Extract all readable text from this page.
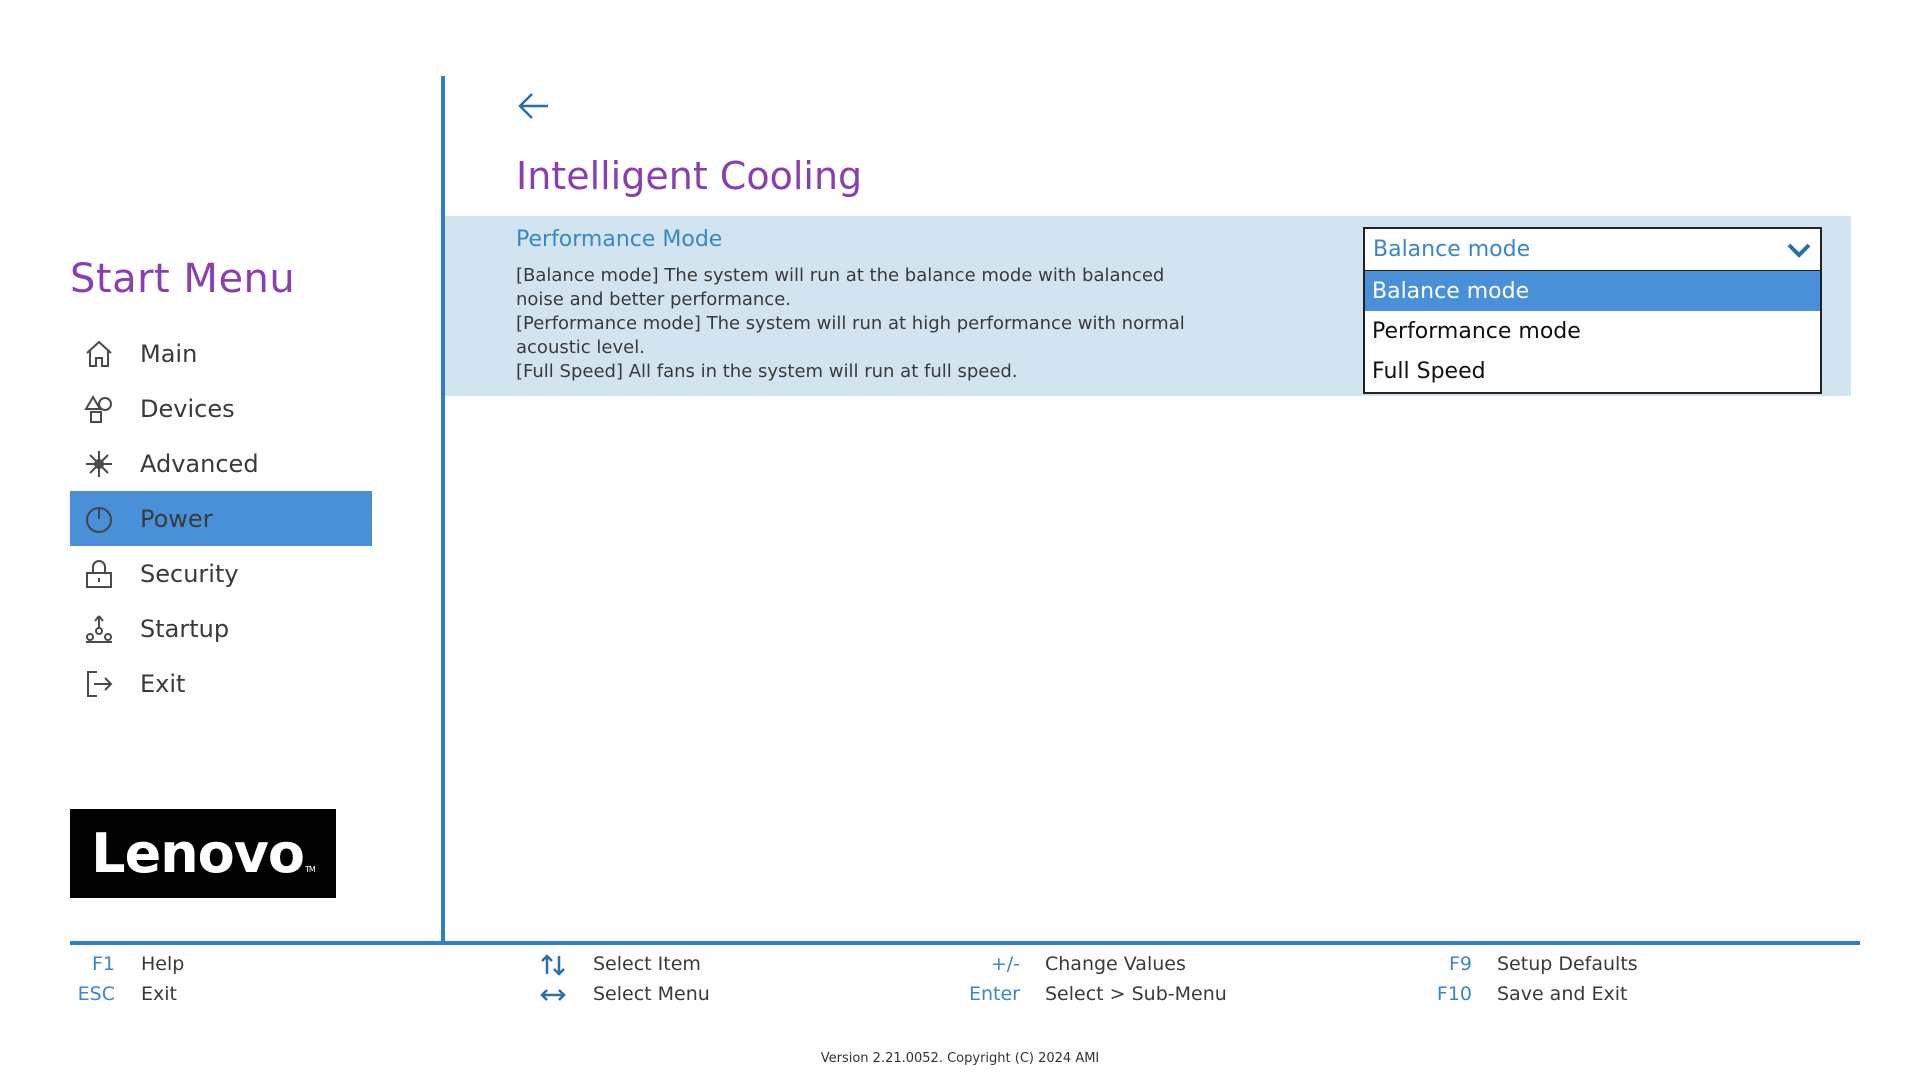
Start Menu
Main
Devices
Advanced
Power
Security
Startup
Exit
Lenovo$_{TM}$
Intelligent Cooling
Performance Mode
[Balance mode] The system will run at the balance mode with balanced
noise and better performance.
[Performance mode] The system will run at high performance with normal
acoustic level.
[Full Speed] All fans in the system will run at full speed.
Balance mode
Balance mode
Performance mode
Full Speed
F1 Help
ESC Exit
Select Item
Select Menu
+/- Change Values
Enter Select > Sub-Menu
F9 Setup Defaults
F10 Save and Exit
Version 2.21.0052. Copyright (C) 2024 AMI
